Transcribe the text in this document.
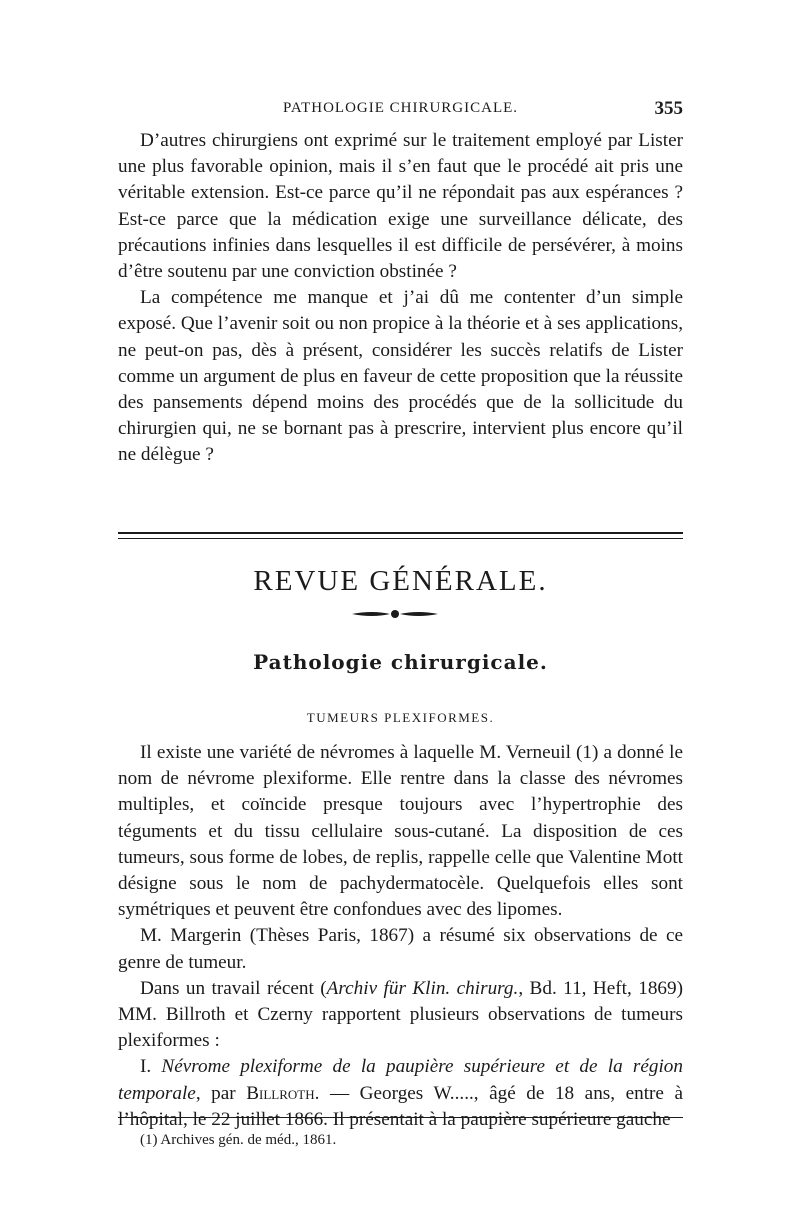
PATHOLOGIE CHIRURGICALE.	355

D’autres chirurgiens ont exprimé sur le traitement employé par Lister une plus favorable opinion, mais il s’en faut que le procédé ait pris une véritable extension. Est-ce parce qu’il ne répondait pas aux espérances ? Est-ce parce que la médication exige une surveillance délicate, des précautions infinies dans lesquelles il est difficile de persévérer, à moins d’être soutenu par une conviction obstinée ?

La compétence me manque et j’ai dû me contenter d’un simple exposé. Que l’avenir soit ou non propice à la théorie et à ses applications, ne peut-on pas, dès à présent, considérer les succès relatifs de Lister comme un argument de plus en faveur de cette proposition que la réussite des pansements dépend moins des procédés que de la sollicitude du chirurgien qui, ne se bornant pas à prescrire, intervient plus encore qu’il ne délègue ?

REVUE GÉNÉRALE.
Pathologie chirurgicale.
TUMEURS PLEXIFORMES.

Il existe une variété de névromes à laquelle M. Verneuil (1) a donné le nom de névrome plexiforme. Elle rentre dans la classe des névromes multiples, et coïncide presque toujours avec l’hypertrophie des téguments et du tissu cellulaire sous-cutané. La disposition de ces tumeurs, sous forme de lobes, de replis, rappelle celle que Valentine Mott désigne sous le nom de pachydermatocèle. Quelquefois elles sont symétriques et peuvent être confondues avec des lipomes.

M. Margerin (Thèses Paris, 1867) a résumé six observations de ce genre de tumeur.

Dans un travail récent (Archiv für Klin. chirurg., Bd. 11, Heft, 1869) MM. Billroth et Czerny rapportent plusieurs observations de tumeurs plexiformes :

I. Névrome plexiforme de la paupière supérieure et de la région temporale, par Billroth. — Georges W....., âgé de 18 ans, entre à l’hôpital, le 22 juillet 1866. Il présentait à la paupière supérieure gauche

(1) Archives gén. de méd., 1861.
